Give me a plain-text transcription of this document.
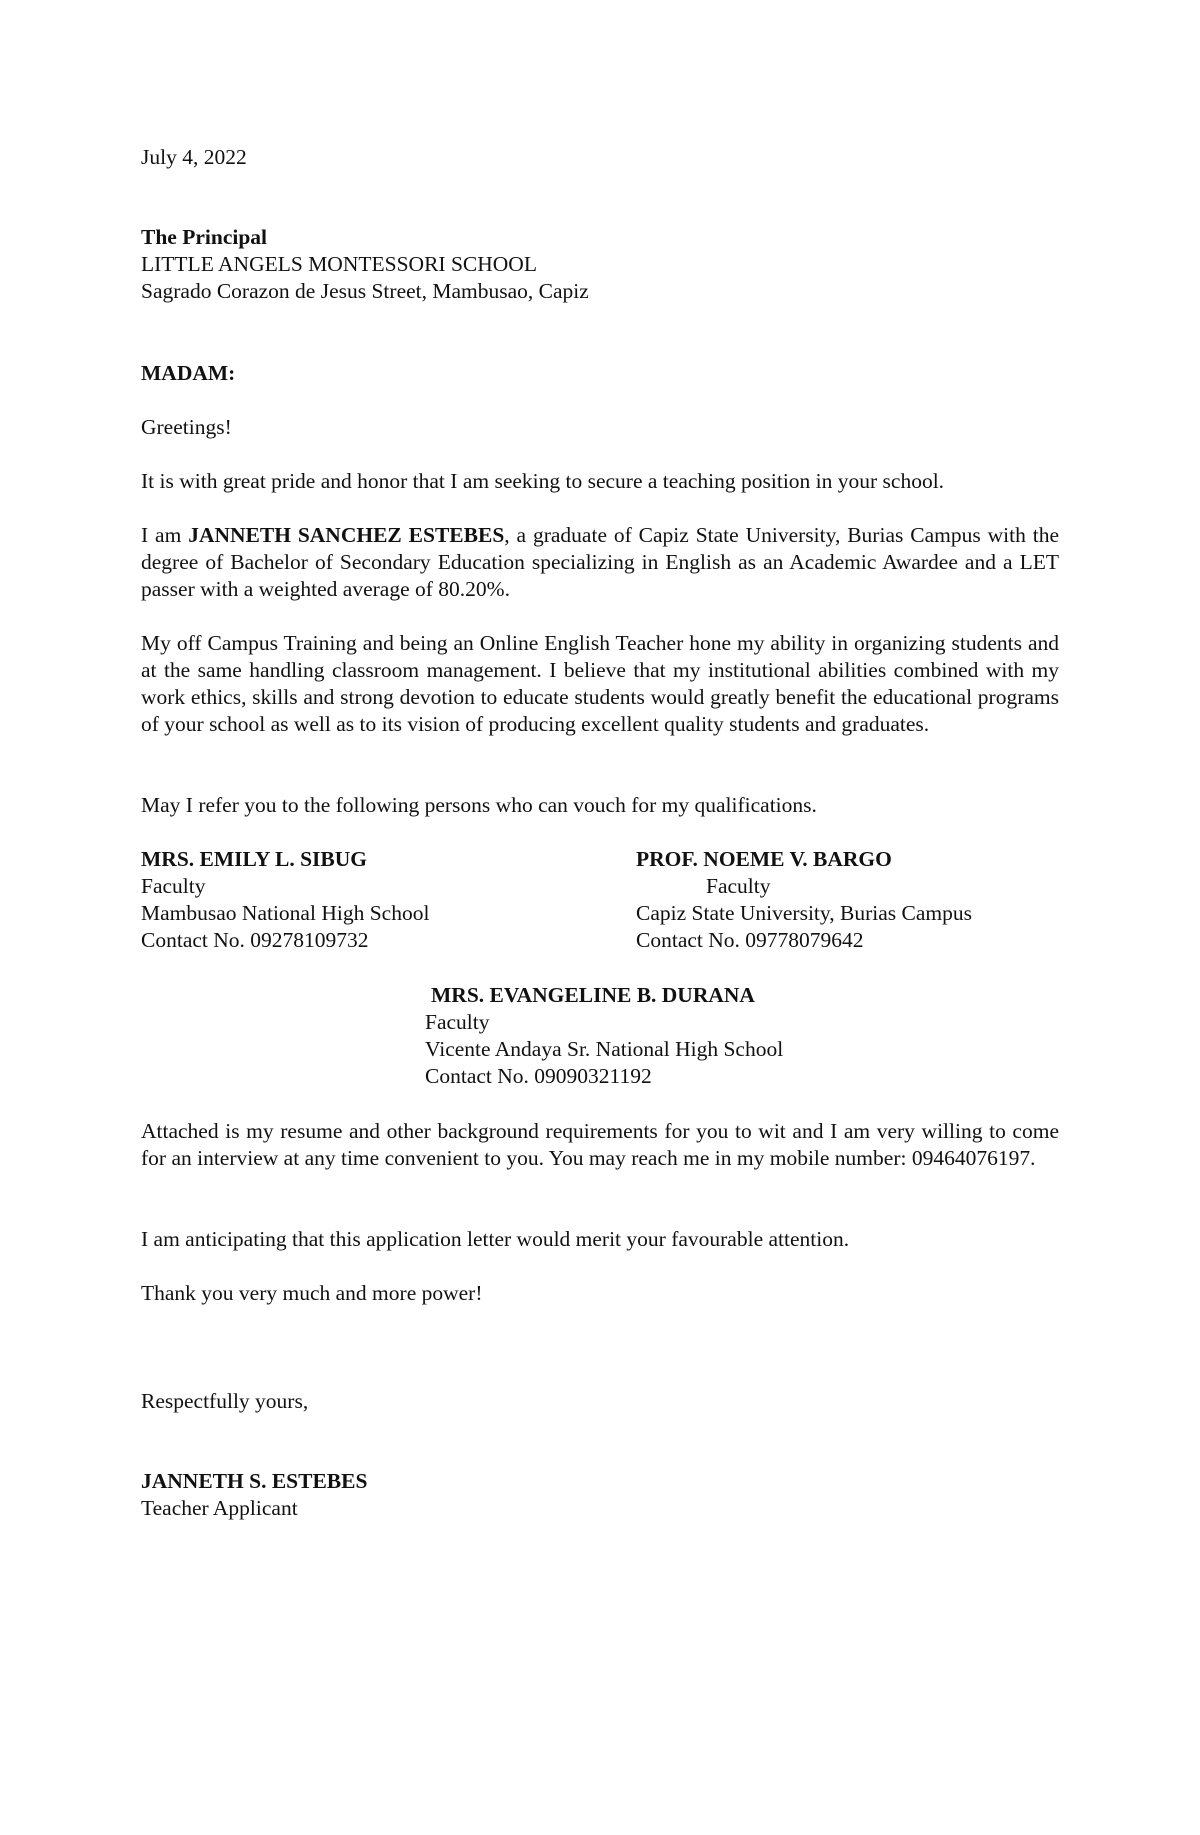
July 4, 2022
The Principal
LITTLE ANGELS MONTESSORI SCHOOL
Sagrado Corazon de Jesus Street, Mambusao, Capiz
MADAM:
Greetings!
It is with great pride and honor that I am seeking to secure a teaching position in your school.
I am JANNETH SANCHEZ ESTEBES, a graduate of Capiz State University, Burias Campus with the degree of Bachelor of Secondary Education specializing in English as an Academic Awardee and a LET passer with a weighted average of 80.20%.
My off Campus Training and being an Online English Teacher hone my ability in organizing students and at the same handling classroom management. I believe that my institutional abilities combined with my work ethics, skills and strong devotion to educate students would greatly benefit the educational programs of your school as well as to its vision of producing excellent quality students and graduates.
May I refer you to the following persons who can vouch for my qualifications.
MRS. EMILY L. SIBUG
Faculty
Mambusao National High School
Contact No. 09278109732
PROF. NOEME V. BARGO
Faculty
Capiz State University, Burias Campus
Contact No. 09778079642
MRS. EVANGELINE B. DURANA
Faculty
Vicente Andaya Sr. National High School
Contact No. 09090321192
Attached is my resume and other background requirements for you to wit and I am very willing to come for an interview at any time convenient to you. You may reach me in my mobile number: 09464076197.
I am anticipating that this application letter would merit your favourable attention.
Thank you very much and more power!
Respectfully yours,
JANNETH S. ESTEBES
Teacher Applicant
